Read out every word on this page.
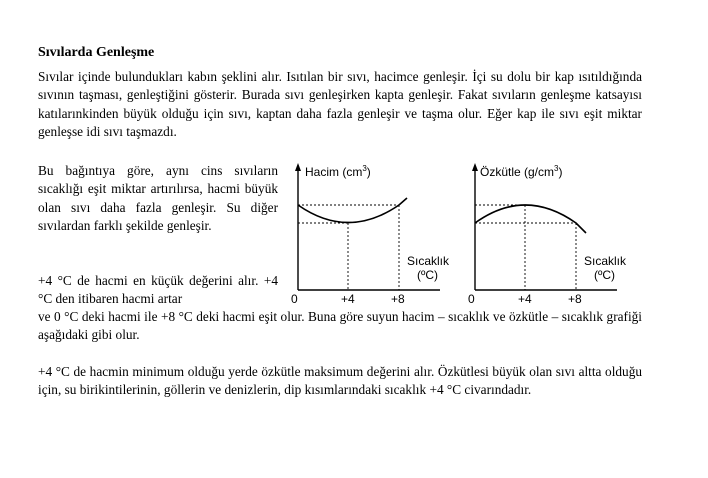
Sıvılarda Genleşme
Sıvılar içinde bulundukları kabın şeklini alır. Isıtılan bir sıvı, hacimce genleşir. İçi su dolu bir kap ısıtıldığında sıvının taşması, genleştiğini gösterir. Burada sıvı genleşirken kapta genleşir. Fakat sıvıların genleşme katsayısı katılarınkinden büyük olduğu için sıvı, kaptan daha fazla genleşir ve taşma olur. Eğer kap ile sıvı eşit miktar genleşse idi sıvı taşmazdı.
Bu bağıntıya göre, aynı cins sıvıların sıcaklığı eşit miktar artırılırsa, hacmi büyük olan sıvı daha fazla genleşir. Su diğer sıvılardan farklı şekilde genleşir.
+4 °C de hacmi en küçük değerini alır. +4 °C den itibaren hacmi artar
ve 0 °C deki hacmi ile +8 °C deki hacmi eşit olur. Buna göre suyun hacim – sıcaklık ve özkütle – sıcaklık grafiği aşağıdaki gibi olur.
+4 °C de hacmin minimum olduğu yerde özkütle maksimum değerini alır. Özkütlesi büyük olan sıvı altta olduğu için, su birikintilerinin, göllerin ve denizlerin, dip kısımlarındaki sıcaklık +4 °C civarındadır.
Hacim $(cm^3)$
Sıcaklık
(ºC)
0	+4	+8
Özkütle $(g/cm^3)$
Sıcaklık
(ºC)
0	+4	+8
